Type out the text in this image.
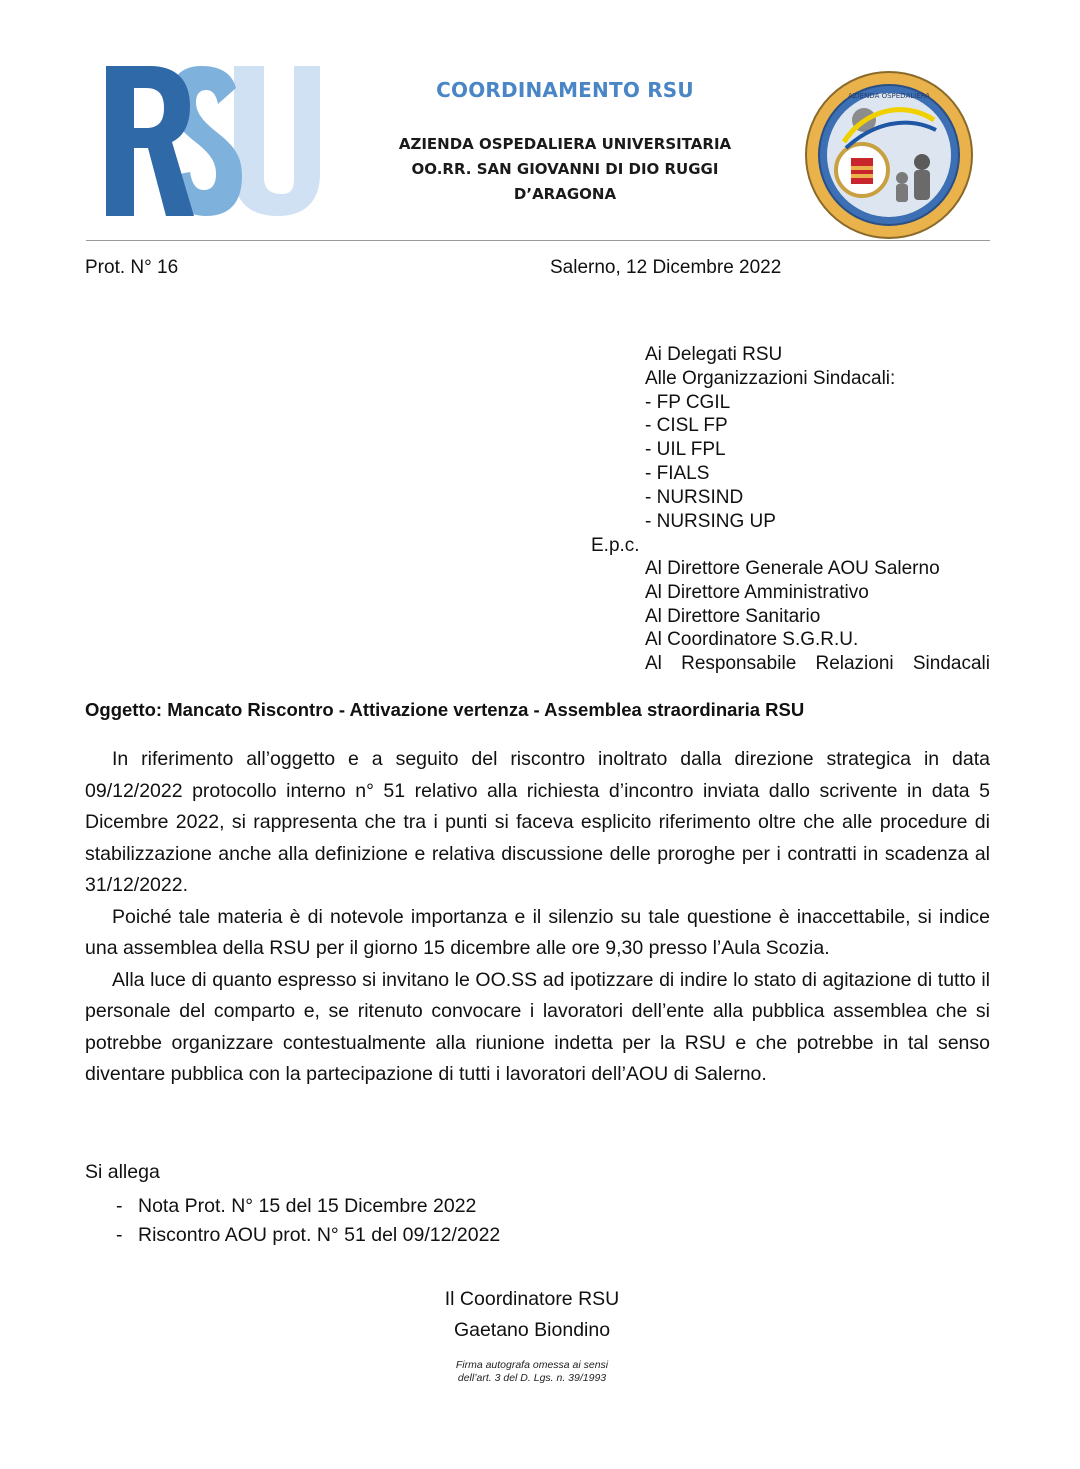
COORDINAMENTO RSU
AZIENDA OSPEDALIERA UNIVERSITARIA
OO.RR. SAN GIOVANNI DI DIO RUGGI
D’ARAGONA
AZIENDA OSPEDALIERA
Prot. N° 16	Salerno, 12 Dicembre 2022
Ai Delegati RSU
Alle Organizzazioni Sindacali:
- FP CGIL
- CISL FP
- UIL FPL
- FIALS
- NURSIND
- NURSING UP
E.p.c.
Al Direttore Generale AOU Salerno
Al Direttore Amministrativo
Al Direttore Sanitario
Al Coordinatore S.G.R.U.
Al Responsabile Relazioni Sindacali
Oggetto: Mancato Riscontro - Attivazione vertenza - Assemblea straordinaria RSU

In riferimento all’oggetto e a seguito del riscontro inoltrato dalla direzione strategica in data 09/12/2022 protocollo interno n° 51 relativo alla richiesta d’incontro inviata dallo scrivente in data 5 Dicembre 2022, si rappresenta che tra i punti si faceva esplicito riferimento oltre che alle procedure di stabilizzazione anche alla definizione e relativa discussione delle proroghe per i contratti in scadenza al 31/12/2022.

Poiché tale materia è di notevole importanza e il silenzio su tale questione è inaccettabile, si indice una assemblea della RSU per il giorno 15 dicembre alle ore 9,30 presso l’Aula Scozia.

Alla luce di quanto espresso si invitano le OO.SS ad ipotizzare di indire lo stato di agitazione di tutto il personale del comparto e, se ritenuto convocare i lavoratori dell’ente alla pubblica assemblea che si potrebbe organizzare contestualmente alla riunione indetta per la RSU e che potrebbe in tal senso diventare pubblica con la partecipazione di tutti i lavoratori dell’AOU di Salerno.

Si allega
- Nota Prot. N° 15 del 15 Dicembre 2022
- Riscontro AOU prot. N° 51 del 09/12/2022
Il Coordinatore RSU
Gaetano Biondino
Firma autografa omessa ai sensi
dell’art. 3 del D. Lgs. n. 39/1993
